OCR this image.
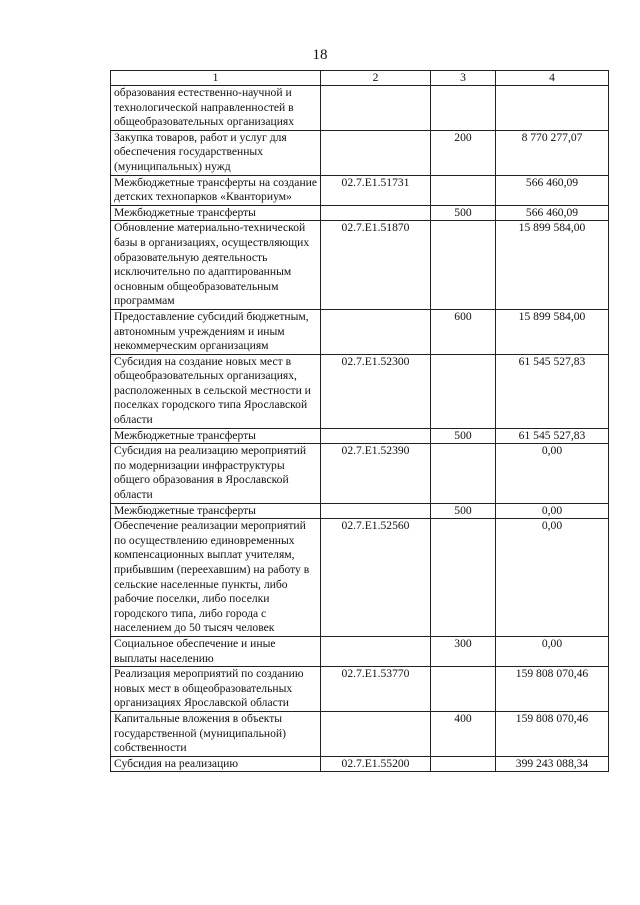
18
1	2	3	4
образования естественно-научной и технологической направленностей в общеобразовательных организациях			
Закупка товаров, работ и услуг для обеспечения государственных (муниципальных) нужд		200	8 770 277,07
Межбюджетные трансферты на создание детских технопарков «Кванториум»	02.7.E1.51731		566 460,09
Межбюджетные трансферты		500	566 460,09
Обновление материально-технической базы в организациях, осуществляющих образовательную деятельность исключительно по адаптированным основным общеобразовательным программам	02.7.E1.51870		15 899 584,00
Предоставление субсидий бюджетным, автономным учреждениям и иным некоммерческим организациям		600	15 899 584,00
Субсидия на создание новых мест в общеобразовательных организациях, расположенных в сельской местности и поселках городского типа Ярославской области	02.7.E1.52300		61 545 527,83
Межбюджетные трансферты		500	61 545 527,83
Субсидия на реализацию мероприятий по модернизации инфраструктуры общего образования в Ярославской области	02.7.E1.52390		0,00
Межбюджетные трансферты		500	0,00
Обеспечение реализации мероприятий по осуществлению единовременных компенсационных выплат учителям, прибывшим (переехавшим) на работу в сельские населенные пункты, либо рабочие поселки, либо поселки городского типа, либо города с населением до 50 тысяч человек	02.7.E1.52560		0,00
Социальное обеспечение и иные выплаты населению		300	0,00
Реализация мероприятий по созданию новых мест в общеобразовательных организациях Ярославской области	02.7.E1.53770		159 808 070,46
Капитальные вложения в объекты государственной (муниципальной) собственности		400	159 808 070,46
Субсидия на реализацию	02.7.E1.55200		399 243 088,34
